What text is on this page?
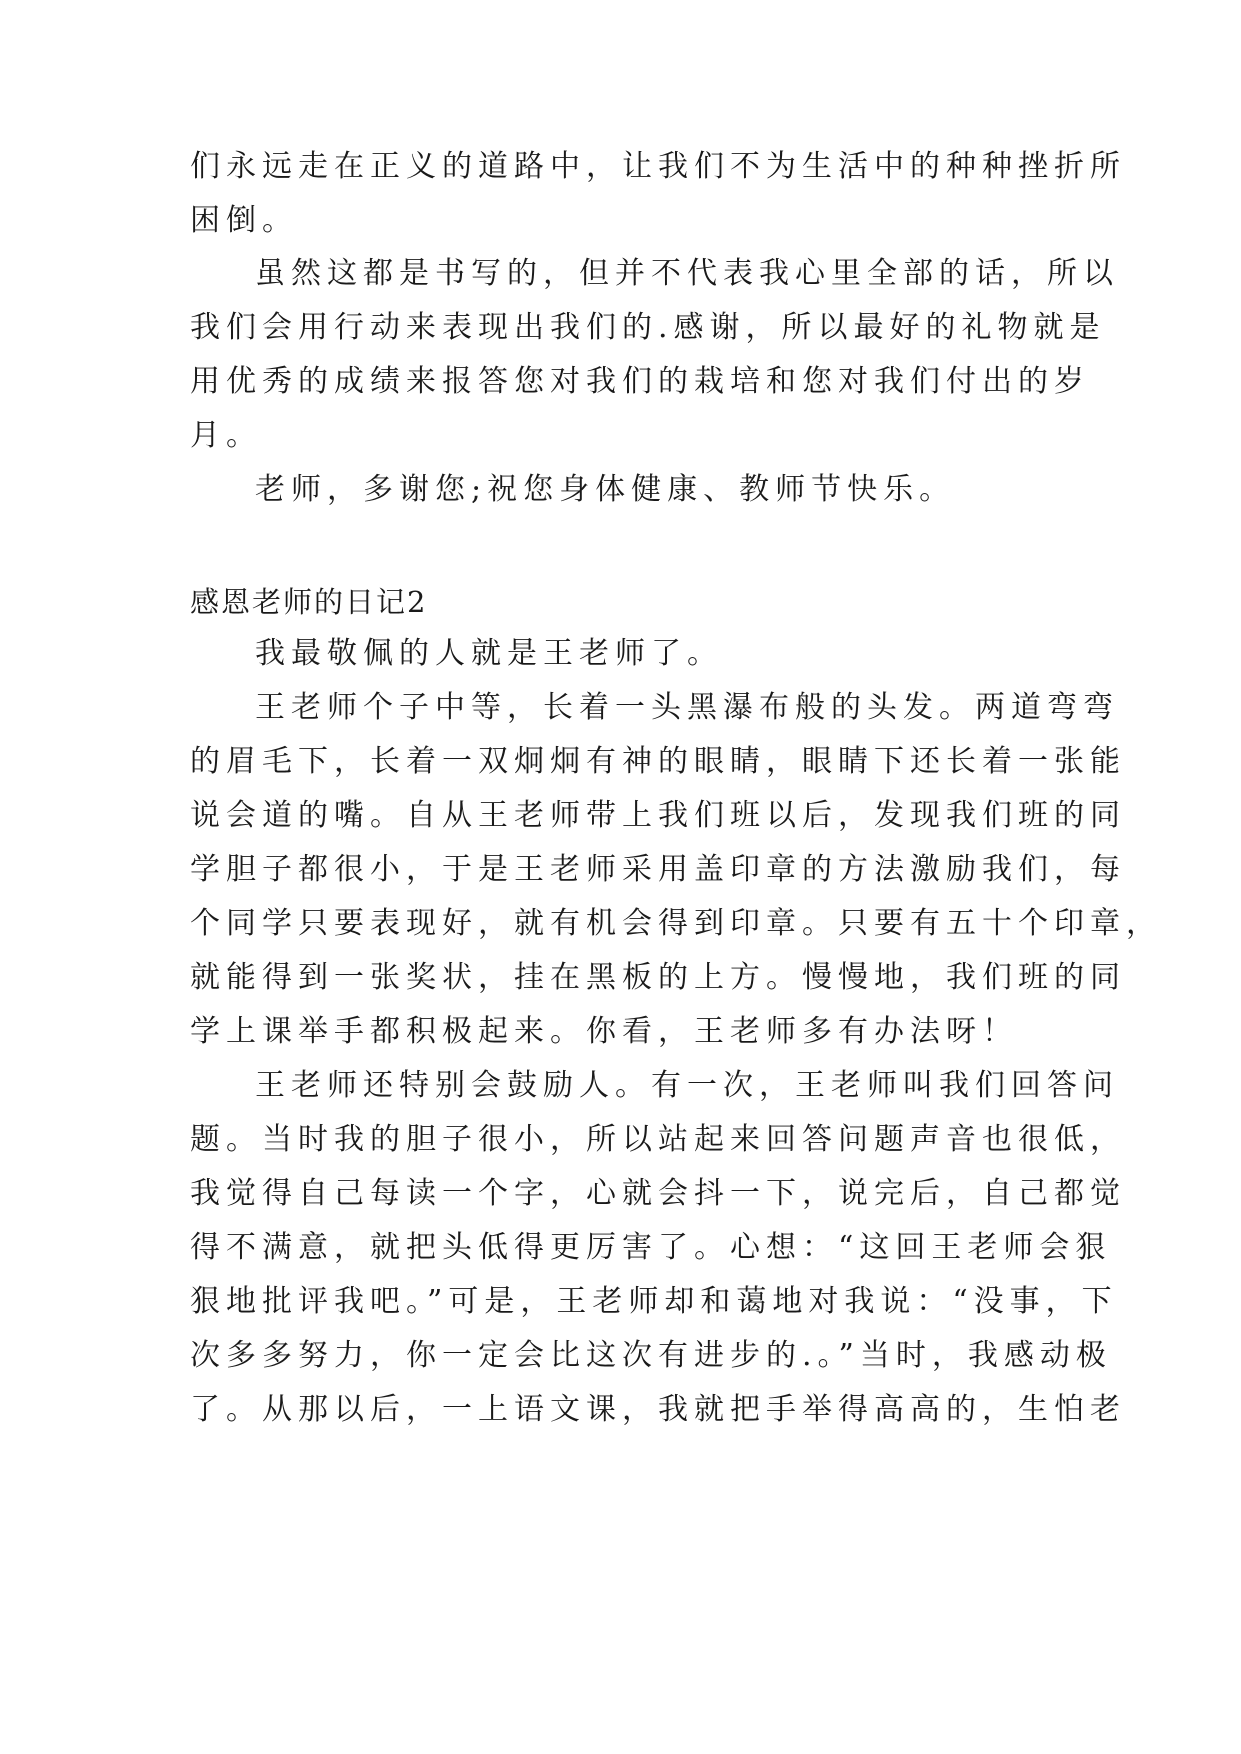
们永远走在正义的道路中，让我们不为生活中的种种挫折所
困倒。
虽然这都是书写的，但并不代表我心里全部的话，所以
我们会用行动来表现出我们的.感谢，所以最好的礼物就是
用优秀的成绩来报答您对我们的栽培和您对我们付出的岁
月。
老师，多谢您;祝您身体健康、教师节快乐。
感恩老师的日记2
我最敬佩的人就是王老师了。
王老师个子中等，长着一头黑瀑布般的头发。两道弯弯
的眉毛下，长着一双炯炯有神的眼睛，眼睛下还长着一张能
说会道的嘴。自从王老师带上我们班以后，发现我们班的同
学胆子都很小，于是王老师采用盖印章的方法激励我们，每
个同学只要表现好，就有机会得到印章。只要有五十个印章，
就能得到一张奖状，挂在黑板的上方。慢慢地，我们班的同
学上课举手都积极起来。你看，王老师多有办法呀！
王老师还特别会鼓励人。有一次，王老师叫我们回答问
题。当时我的胆子很小，所以站起来回答问题声音也很低，
我觉得自己每读一个字，心就会抖一下，说完后，自己都觉
得不满意，就把头低得更厉害了。心想：“这回王老师会狠
狠地批评我吧。”可是，王老师却和蔼地对我说：“没事，下
次多多努力，你一定会比这次有进步的.。”当时，我感动极
了。从那以后，一上语文课，我就把手举得高高的，生怕老
